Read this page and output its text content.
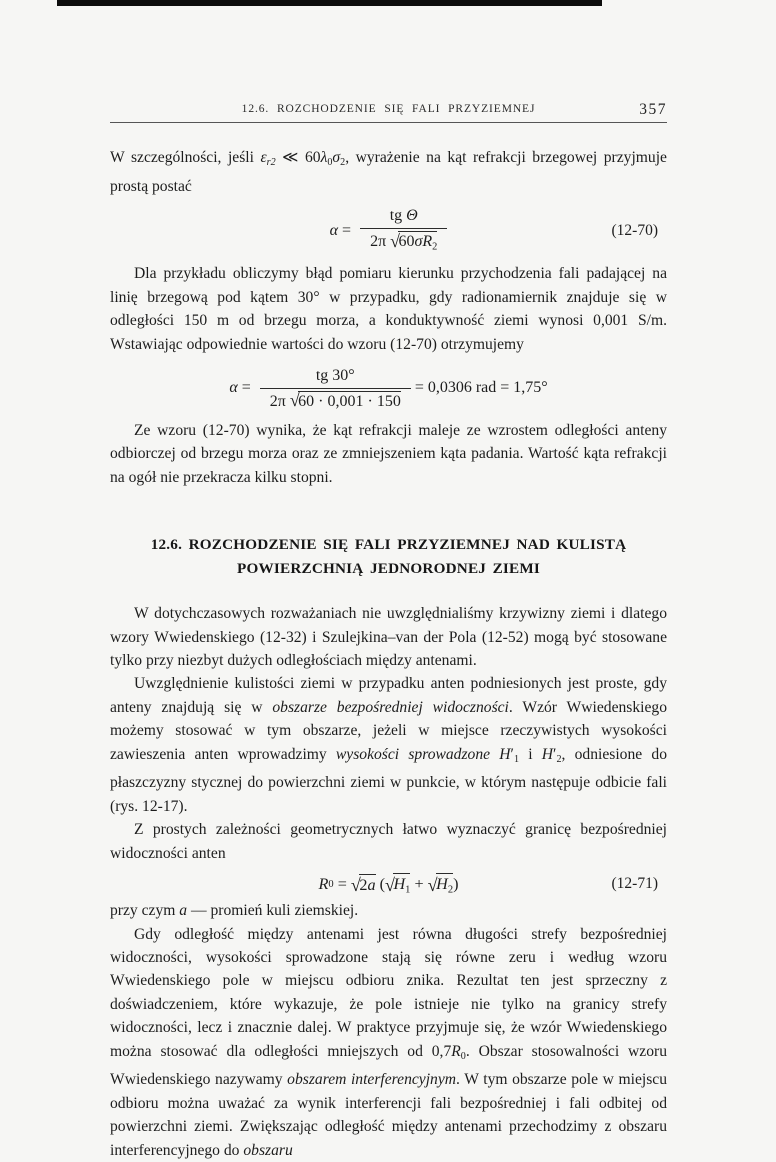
12.6. ROZCHODZENIE SIĘ FALI PRZYZIEMNEJ	357

W szczególności, jeśli $\varepsilon_{r2}$ ≪ $60\lambda_0\sigma_2$, wyrażenie na kąt refrakcji brzegowej przyjmuje prostą postać

$\alpha = \frac{\text{tg Θ}}{2\pi √60\sigma R_2}$	(12-70)

Dla przykładu obliczymy błąd pomiaru kierunku przychodzenia fali padającej na linię brzegową pod kątem 30° w przypadku, gdy radionamiernik znajduje się w odległości 150 m od brzegu morza, a konduktywność ziemi wynosi 0,001 S/m. Wstawiając odpowiednie wartości do wzoru (12-70) otrzymujemy

$\alpha = \frac{tg 30^\circ}{2\pi √60 \cdot 0,001 \cdot 150} = 0,0306$ rad = 1,75°

Ze wzoru (12-70) wynika, że kąt refrakcji maleje ze wzrostem odległości anteny odbiorczej od brzegu morza oraz ze zmniejszeniem kąta padania. Wartość kąta refrakcji na ogół nie przekracza kilku stopni.

12.6. ROZCHODZENIE SIĘ FALI PRZYZIEMNEJ NAD KULISTĄ
POWIERZCHNIĄ JEDNORODNEJ ZIEMI

W dotychczasowych rozważaniach nie uwzględnialiśmy krzywizny ziemi i dlatego wzory Wwiedenskiego (12-32) i Szulejkina–van der Pola (12-52) mogą być stosowane tylko przy niezbyt dużych odległościach między antenami.

Uwzględnienie kulistości ziemi w przypadku anten podniesionych jest proste, gdy anteny znajdują się w obszarze bezpośredniej widoczności. Wzór Wwiedenskiego możemy stosować w tym obszarze, jeżeli w miejsce rzeczywistych wysokości zawieszenia anten wprowadzimy wysokości sprowadzone $H'_1$ i $H'_2$, odniesione do płaszczyzny stycznej do powierzchni ziemi w punkcie, w którym następuje odbicie fali (rys. 12-17).

Z prostych zależności geometrycznych łatwo wyznaczyć granicę bezpośredniej widoczności anten

R 0 = √
2a ( √
$H_1$ + √
$H_2$ )	(12-71)

przy czym a — promień kuli ziemskiej.

Gdy odległość między antenami jest równa długości strefy bezpośredniej widoczności, wysokości sprowadzone stają się równe zeru i według wzoru Wwiedenskiego pole w miejscu odbioru znika. Rezultat ten jest sprzeczny z doświadczeniem, które wykazuje, że pole istnieje nie tylko na granicy strefy widoczności, lecz i znacznie dalej. W praktyce przyjmuje się, że wzór Wwiedenskiego można stosować dla odległości mniejszych od $0,7R_0$. Obszar stosowalności wzoru Wwiedenskiego nazywamy obszarem interferencyjnym. W tym obszarze pole w miejscu odbioru można uważać za wynik interferencji fali bezpośredniej i fali odbitej od powierzchni ziemi. Zwiększając odległość między antenami przechodzimy z obszaru interferencyjnego do obszaru
